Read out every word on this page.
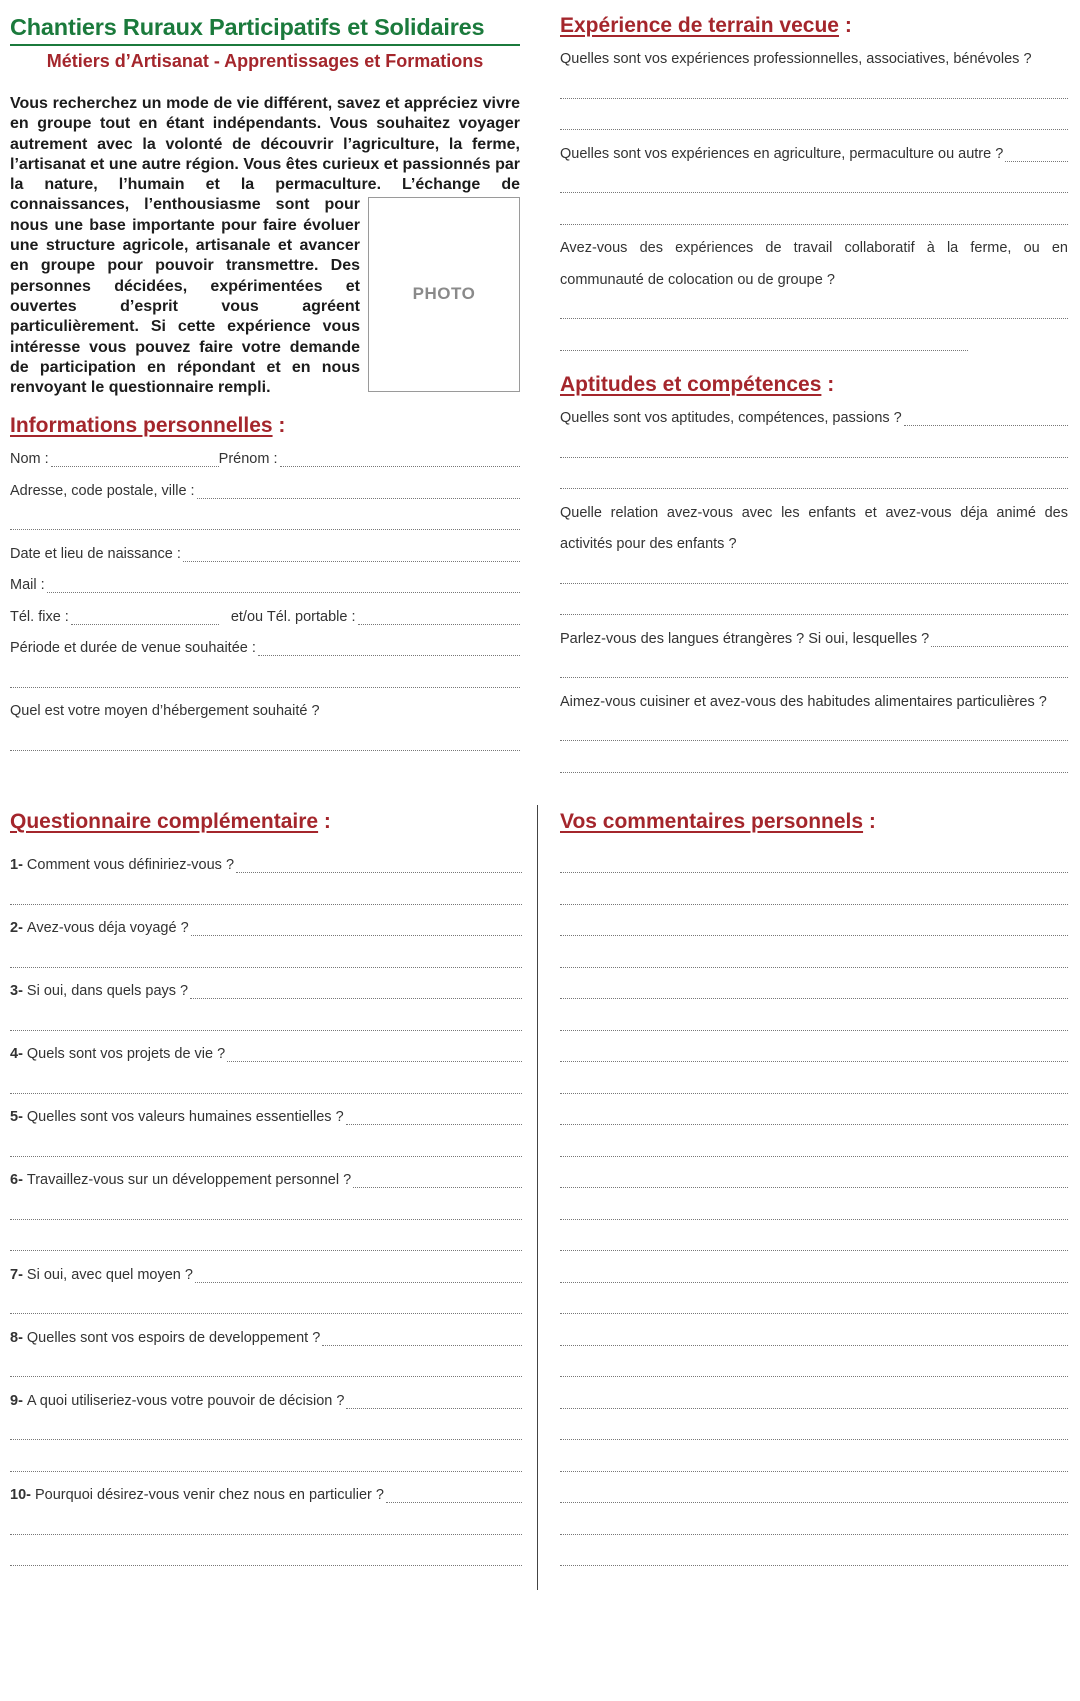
Chantiers Ruraux Participatifs et Solidaires
Métiers d’Artisanat - Apprentissages et Formations
PHOTO
Vous recherchez un mode de vie différent, savez et appréciez vivre en groupe tout en étant indépendants. Vous souhaitez voyager autrement avec la volonté de découvrir l’agriculture, la ferme, l’artisanat et une autre région. Vous êtes curieux et passionnés par la nature, l’humain et la permaculture. L’échange de connaissances, l’enthousiasme sont pour nous une base importante pour faire évoluer une structure agricole, artisanale et avancer en groupe pour pouvoir transmettre. Des personnes décidées, expérimentées et ouvertes d’esprit vous agréent particulièrement. Si cette expérience vous intéresse vous pouvez faire votre demande de participation en répondant et en nous renvoyant le questionnaire rempli.
Informations personnelles :
Nom :	Prénom :
Adresse, code postale, ville :
Date et lieu de naissance :
Mail :
Tél. fixe :	et/ou Tél. portable :
Période et durée de venue souhaitée :
Quel est votre moyen d’hébergement souhaité ?
Expérience de terrain vecue :
Quelles sont vos expériences professionnelles, associatives, bénévoles ?
Quelles sont vos expériences en agriculture, permaculture ou autre ?
Avez-vous des expériences de travail collaboratif à la ferme, ou en communauté de colocation ou de groupe ?
Aptitudes et compétences :
Quelles sont vos aptitudes, compétences, passions ?
Quelle relation avez-vous avec les enfants et avez-vous déja animé des activités pour des enfants ?
Parlez-vous des langues étrangères ? Si oui, lesquelles ?
Aimez-vous cuisiner et avez-vous des habitudes alimentaires particulières ?
Questionnaire complémentaire :
1- Comment vous définiriez-vous ?
2- Avez-vous déja voyagé ?
3- Si oui, dans quels pays ?
4- Quels sont vos projets de vie ?
5- Quelles sont vos valeurs humaines essentielles ?
6- Travaillez-vous sur un développement personnel ?
7- Si oui, avec quel moyen ?
8- Quelles sont vos espoirs de developpement ?
9- A quoi utiliseriez-vous votre pouvoir de décision ?
10- Pourquoi désirez-vous venir chez nous en particulier ?
Vos commentaires personnels :
